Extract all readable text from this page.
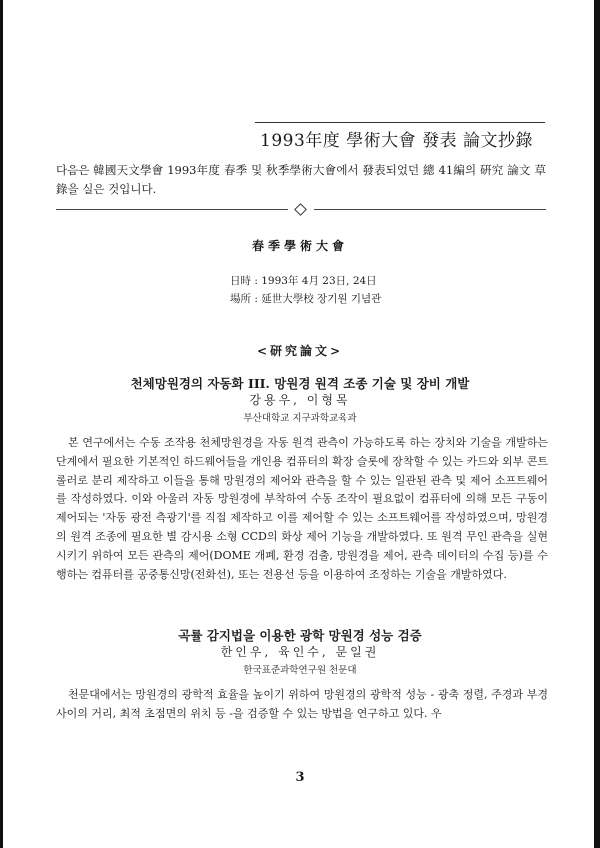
1993年度 學術大會 發表 論文抄錄
다음은 韓國天文學會 1993年度 春季 및 秋季學術大會에서 發表되었던 總 41編의 硏究 論文 草錄을 실은 것입니다.
春季學術大會
日時 : 1993年 4月 23日, 24日
場所 : 延世大學校 장기원 기념관
<研究論文>
천체망원경의 자동화 III. 망원경 원격 조종 기술 및 장비 개발
강용우, 이형목
부산대학교 지구과학교육과
본 연구에서는 수동 조작용 천체망원경을 자동 원격 관측이 가능하도록 하는 장치와 기술을 개발하는 단계에서 필요한 기본적인 하드웨어들을 개인용 컴퓨터의 확장 슬롯에 장착할 수 있는 카드와 외부 콘트롤러로 분리 제작하고 이들을 통해 망원경의 제어와 관측을 할 수 있는 일관된 관측 및 제어 소프트웨어를 작성하였다. 이와 아울러 자동 망원경에 부착하여 수동 조작이 필요없이 컴퓨터에 의해 모든 구동이 제어되는 '자동 광전 측광기'를 직접 제작하고 이를 제어할 수 있는 소프트웨어를 작성하였으며, 망원경의 원격 조종에 필요한 별 감시용 소형 CCD의 화상 제어 기능을 개발하였다. 또 원격 무인 관측을 실현시키기 위하여 모든 관측의 제어(DOME 개폐, 환경 검출, 망원경을 제어, 관측 데이터의 수집 등)를 수행하는 컴퓨터를 공중통신망(전화선), 또는 전용선 등을 이용하여 조정하는 기술을 개발하였다.
곡률 감지법을 이용한 광학 망원경 성능 검증
한인우, 육인수, 문일권
한국표준과학연구원 천문대
천문대에서는 망원경의 광학적 효율을 높이기 위하여 망원경의 광학적 성능 - 광축 정렬, 주경과 부경 사이의 거리, 최적 초점면의 위치 등 -을 검증할 수 있는 방법을 연구하고 있다. 우
3
